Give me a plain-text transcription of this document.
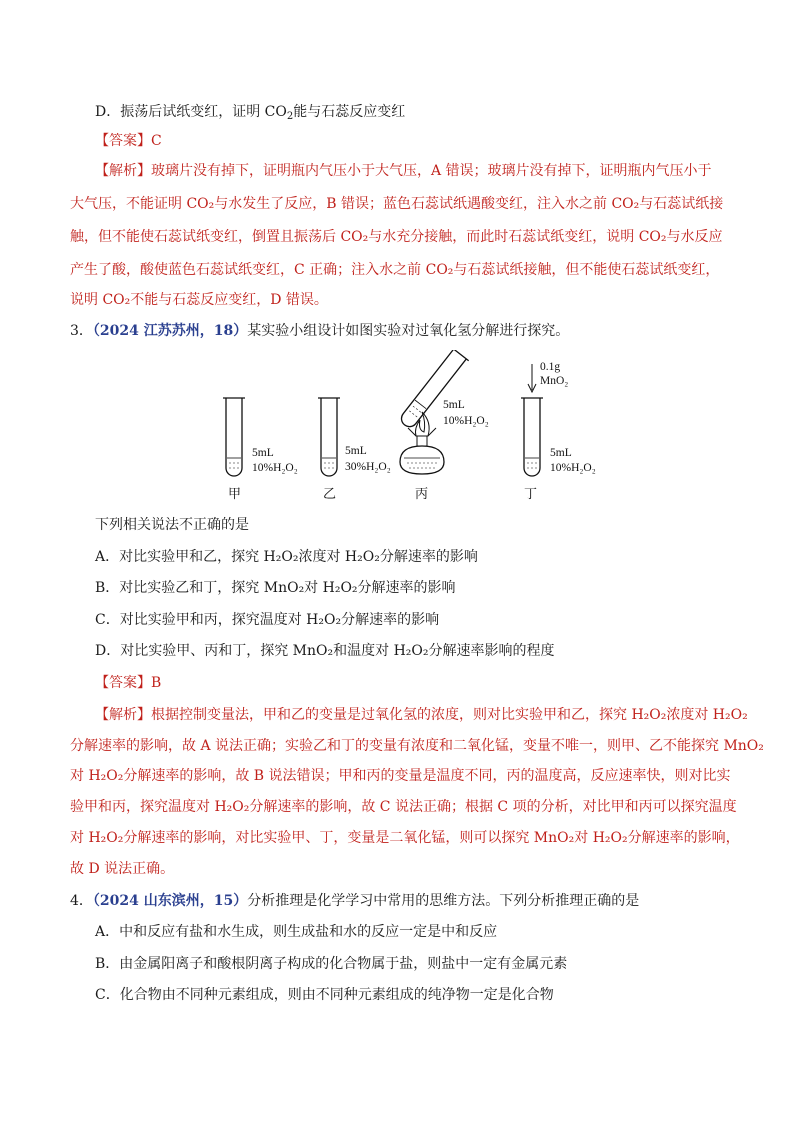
D．振荡后试纸变红，证明 $CO_2$能与石蕊反应变红
【答案】C
【解析】玻璃片没有掉下，证明瓶内气压小于大气压，A 错误；玻璃片没有掉下，证明瓶内气压小于
大气压，不能证明 CO₂与水发生了反应，B 错误；蓝色石蕊试纸遇酸变红，注入水之前 CO₂与石蕊试纸接
触，但不能使石蕊试纸变红，倒置且振荡后 CO₂与水充分接触，而此时石蕊试纸变红，说明 CO₂与水反应
产生了酸，酸使蓝色石蕊试纸变红，C 正确；注入水之前 CO₂与石蕊试纸接触，但不能使石蕊试纸变红，
说明 CO₂不能与石蕊反应变红，D 错误。
3．（2024 江苏苏州，18）某实验小组设计如图实验对过氧化氢分解进行探究。
5mL
10%H₂O₂
甲
5mL
30%H₂O₂
乙
5mL
10%H₂O₂
丙
0.1g
MnO₂
5mL
10%H₂O₂
丁
下列相关说法不正确的是
A．对比实验甲和乙，探究 H₂O₂浓度对 H₂O₂分解速率的影响
B．对比实验乙和丁，探究 MnO₂对 H₂O₂分解速率的影响
C．对比实验甲和丙，探究温度对 H₂O₂分解速率的影响
D．对比实验甲、丙和丁，探究 MnO₂和温度对 H₂O₂分解速率影响的程度
【答案】B
【解析】根据控制变量法，甲和乙的变量是过氧化氢的浓度，则对比实验甲和乙，探究 H₂O₂浓度对 H₂O₂
分解速率的影响，故 A 说法正确；实验乙和丁的变量有浓度和二氧化锰，变量不唯一，则甲、乙不能探究 MnO₂
对 H₂O₂分解速率的影响，故 B 说法错误；甲和丙的变量是温度不同，丙的温度高，反应速率快，则对比实
验甲和丙，探究温度对 H₂O₂分解速率的影响，故 C 说法正确；根据 C 项的分析，对比甲和丙可以探究温度
对 H₂O₂分解速率的影响，对比实验甲、丁，变量是二氧化锰，则可以探究 MnO₂对 H₂O₂分解速率的影响，
故 D 说法正确。
4．（2024 山东滨州，15）分析推理是化学学习中常用的思维方法。下列分析推理正确的是
A．中和反应有盐和水生成，则生成盐和水的反应一定是中和反应
B．由金属阳离子和酸根阴离子构成的化合物属于盐，则盐中一定有金属元素
C．化合物由不同种元素组成，则由不同种元素组成的纯净物一定是化合物
